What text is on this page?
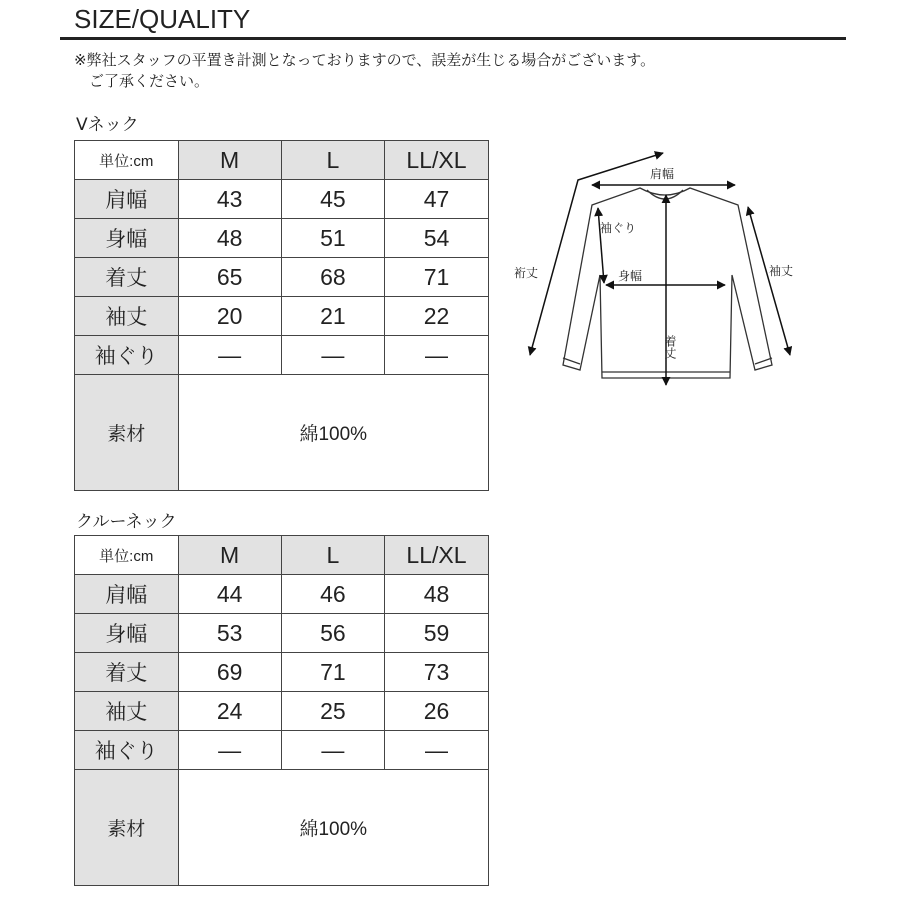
SIZE/QUALITY
※弊社スタッフの平置き計測となっておりますので、誤差が生じる場合がございます。
　ご了承ください。
Vネック
単位:cm	M	L	LL/XL
肩幅	43	45	47
身幅	48	51	54
着丈	65	68	71
袖丈	20	21	22
袖ぐり	—	—	—
素材	綿100%		
クルーネック
単位:cm	M	L	LL/XL
肩幅	44	46	48
身幅	53	56	59
着丈	69	71	73
袖丈	24	25	26
袖ぐり	—	—	—
素材	綿100%		
肩幅
袖ぐり
身幅
裄丈	袖丈
着丈
